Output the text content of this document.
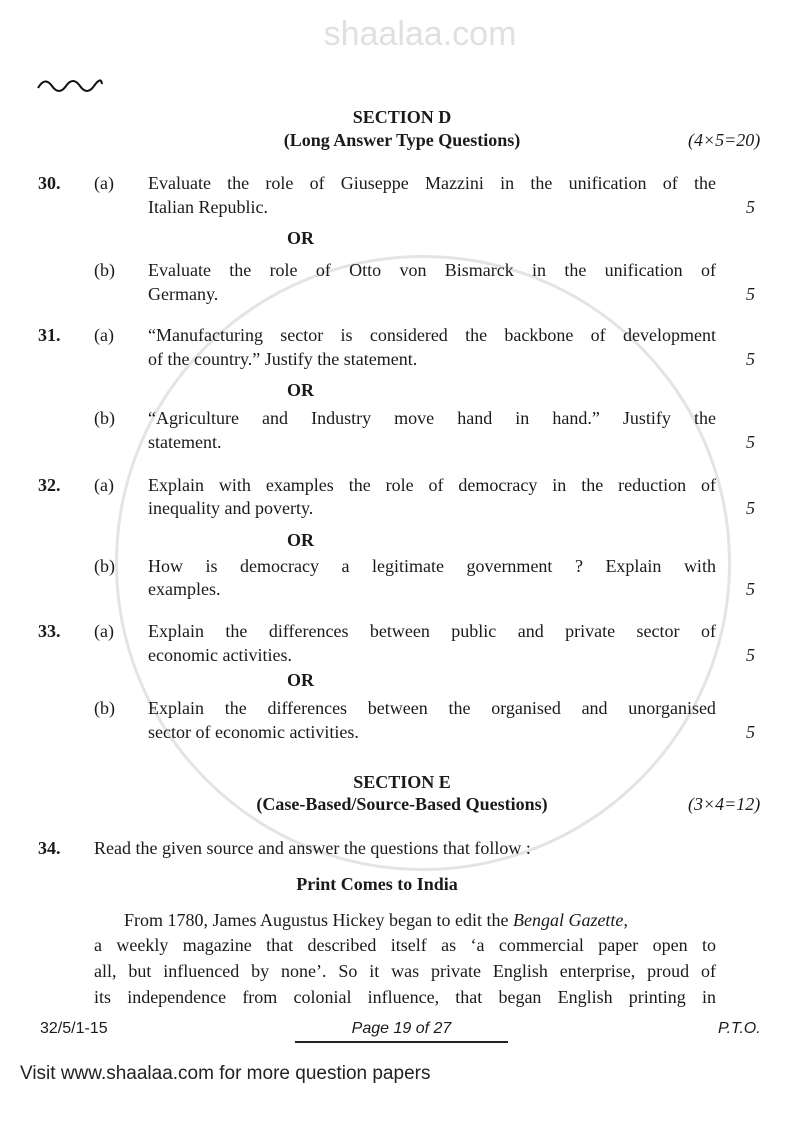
shaalaa.com
SECTION D
(Long Answer Type Questions)	(4×5=20)
30. (a) Evaluate the role of Giuseppe Mazzini in the unification of the
Italian Republic.	5
(b) Evaluate the role of Otto von Bismarck in the unification of
Germany.	5
OR
31. (a) “Manufacturing sector is considered the backbone of development
of the country.” Justify the statement.	5
(b) “Agriculture and Industry move hand in hand.” Justify the
statement.	5
OR
32. (a) Explain with examples the role of democracy in the reduction of
inequality and poverty.	5
(b) How is democracy a legitimate government ? Explain with
examples.	5
OR
33. (a) Explain the differences between public and private sector of
economic activities.	5
(b) Explain the differences between the organised and unorganised
sector of economic activities.	5
OR
SECTION E
(Case-Based/Source-Based Questions)	(3×4=12)
34. Read the given source and answer the questions that follow :
Print Comes to India
From 1780, James Augustus Hickey began to edit the Bengal Gazette,
a weekly magazine that described itself as ‘a commercial paper open to
all, but influenced by none’. So it was private English enterprise, proud of
its independence from colonial influence, that began English printing in
32/5/1-15	Page 19 of 27	P.T.O.
Visit www.shaalaa.com for more question papers
